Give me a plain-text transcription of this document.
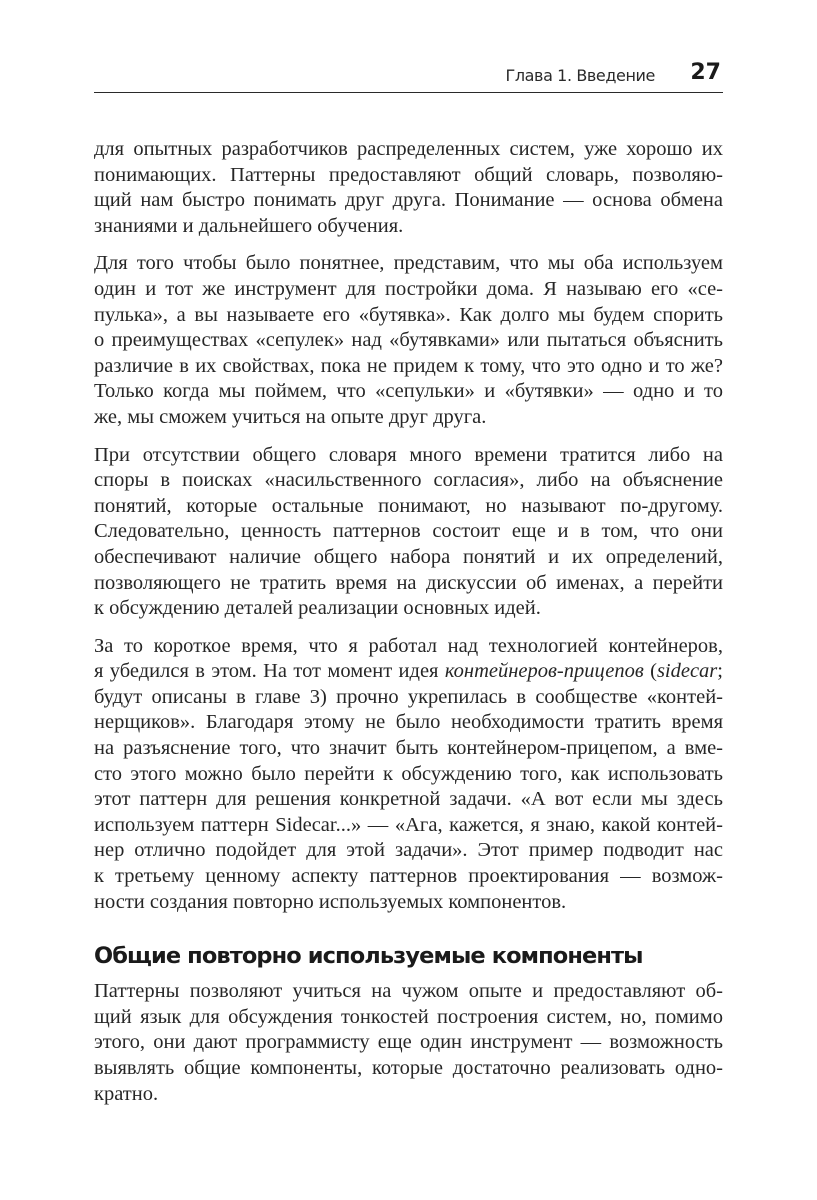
Глава 1. Введение 27

для опытных разработчиков распределенных систем, уже хорошо их
понимающих. Паттерны предоставляют общий словарь, позволяю-
щий нам быстро понимать друг друга. Понимание — основа обмена
знаниями и дальнейшего обучения.

Для того чтобы было понятнее, представим, что мы оба используем
один и тот же инструмент для постройки дома. Я называю его «се-
пулька», а вы называете его «бутявка». Как долго мы будем спорить
о преимуществах «сепулек» над «бутявками» или пытаться объяснить
различие в их свойствах, пока не придем к тому, что это одно и то же?
Только когда мы поймем, что «сепульки» и «бутявки» — одно и то
же, мы сможем учиться на опыте друг друга.

При отсутствии общего словаря много времени тратится либо на
споры в поисках «насильственного согласия», либо на объяснение
понятий, которые остальные понимают, но называют по-другому.
Следовательно, ценность паттернов состоит еще и в том, что они
обеспечивают наличие общего набора понятий и их определений,
позволяющего не тратить время на дискуссии об именах, а перейти
к обсуждению деталей реализации основных идей.

За то короткое время, что я работал над технологией контейнеров,
я убедился в этом. На тот момент идея контейнеров-прицепов (sidecar;
будут описаны в главе 3) прочно укрепилась в сообществе «контей-
нерщиков». Благодаря этому не было необходимости тратить время
на разъяснение того, что значит быть контейнером-прицепом, а вме-
сто этого можно было перейти к обсуждению того, как использовать
этот паттерн для решения конкретной задачи. «А вот если мы здесь
используем паттерн Sidecar...» — «Ага, кажется, я знаю, какой контей-
нер отлично подойдет для этой задачи». Этот пример подводит нас
к третьему ценному аспекту паттернов проектирования — возмож-
ности создания повторно используемых компонентов.

Общие повторно используемые компоненты

Паттерны позволяют учиться на чужом опыте и предоставляют об-
щий язык для обсуждения тонкостей построения систем, но, помимо
этого, они дают программисту еще один инструмент — возможность
выявлять общие компоненты, которые достаточно реализовать одно-
кратно.
